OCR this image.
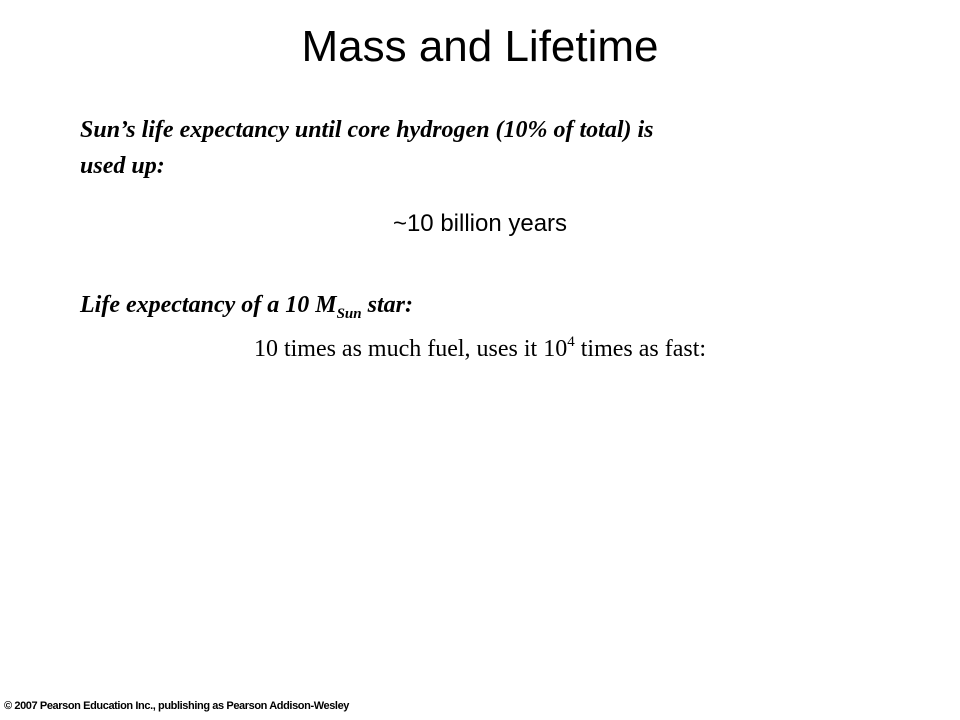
Mass and Lifetime
Sun’s life expectancy until core hydrogen (10% of total) is
used up:
~10 billion years
Life expectancy of a 10 $M_{Sun}$ star:
10 times as much fuel, uses it $10^4$ times as fast:
© 2007 Pearson Education Inc., publishing as Pearson Addison-Wesley
